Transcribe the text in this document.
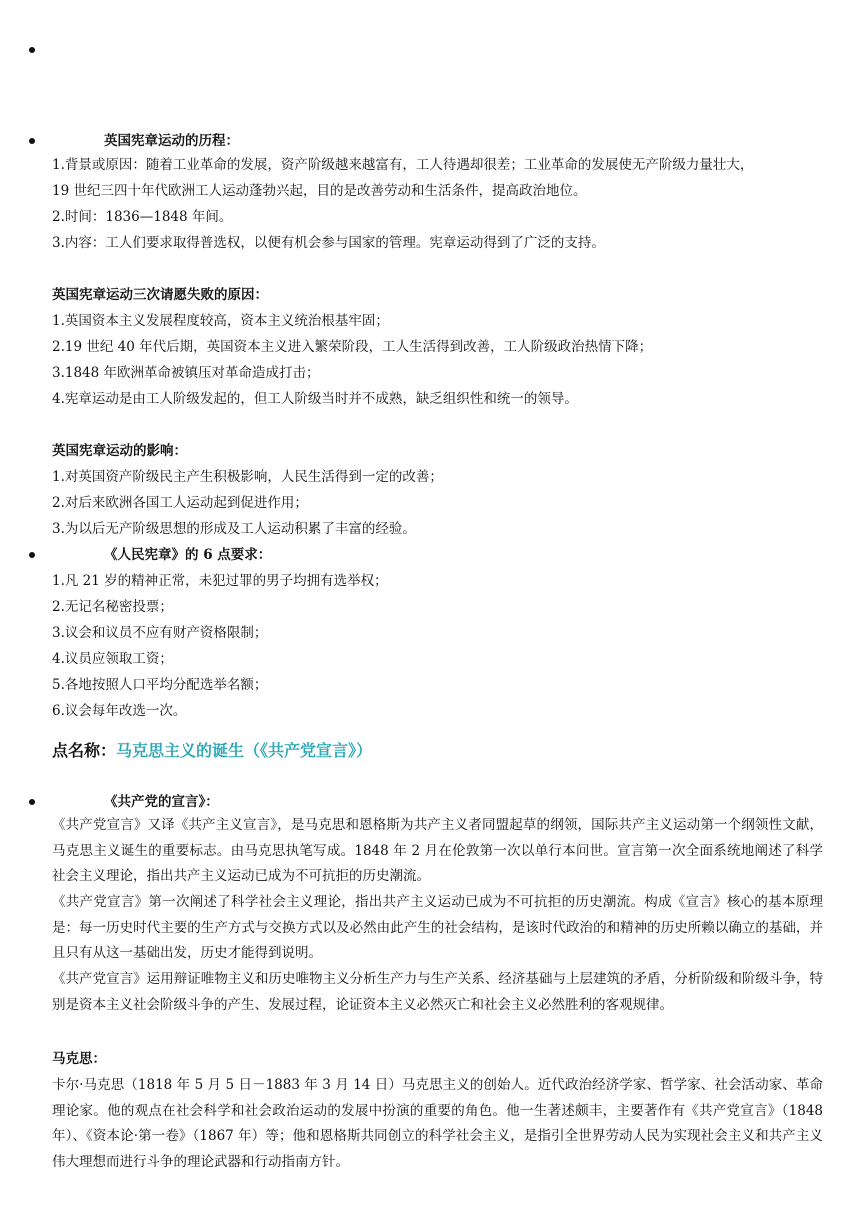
英国宪章运动的历程：
1.背景或原因：随着工业革命的发展，资产阶级越来越富有，工人待遇却很差；工业革命的发展使无产阶级力量壮大，
19 世纪三四十年代欧洲工人运动蓬勃兴起，目的是改善劳动和生活条件，提高政治地位。
2.时间：1836—1848 年间。
3.内容：工人们要求取得普选权，以便有机会参与国家的管理。宪章运动得到了广泛的支持。
英国宪章运动三次请愿失败的原因：
1.英国资本主义发展程度较高，资本主义统治根基牢固；
2.19 世纪 40 年代后期，英国资本主义进入繁荣阶段，工人生活得到改善，工人阶级政治热情下降；
3.1848 年欧洲革命被镇压对革命造成打击；
4.宪章运动是由工人阶级发起的，但工人阶级当时并不成熟，缺乏组织性和统一的领导。
英国宪章运动的影响：
1.对英国资产阶级民主产生积极影响，人民生活得到一定的改善；
2.对后来欧洲各国工人运动起到促进作用；
3.为以后无产阶级思想的形成及工人运动积累了丰富的经验。
《人民宪章》的 6 点要求：
1.凡 21 岁的精神正常，未犯过罪的男子均拥有选举权；
2.无记名秘密投票；
3.议会和议员不应有财产资格限制；
4.议员应领取工资；
5.各地按照人口平均分配选举名额；
6.议会每年改选一次。
点名称：马克思主义的诞生（《共产党宣言》）
《共产党的宣言》：
《共产党宣言》又译《共产主义宣言》，是马克思和恩格斯为共产主义者同盟起草的纲领，国际共产主义运动第一个纲领性文献，马克思主义诞生的重要标志。由马克思执笔写成。1848 年 2 月在伦敦第一次以单行本问世。宣言第一次全面系统地阐述了科学社会主义理论，指出共产主义运动已成为不可抗拒的历史潮流。
《共产党宣言》第一次阐述了科学社会主义理论，指出共产主义运动已成为不可抗拒的历史潮流。构成《宣言》核心的基本原理是：每一历史时代主要的生产方式与交换方式以及必然由此产生的社会结构，是该时代政治的和精神的历史所赖以确立的基础，并且只有从这一基础出发，历史才能得到说明。
《共产党宣言》运用辩证唯物主义和历史唯物主义分析生产力与生产关系、经济基础与上层建筑的矛盾，分析阶级和阶级斗争，特别是资本主义社会阶级斗争的产生、发展过程，论证资本主义必然灭亡和社会主义必然胜利的客观规律。
马克思：
卡尔·马克思（1818 年 5 月 5 日－1883 年 3 月 14 日）马克思主义的创始人。近代政治经济学家、哲学家、社会活动家、革命理论家。他的观点在社会科学和社会政治运动的发展中扮演的重要的角色。他一生著述颇丰，主要著作有《共产党宣言》（1848 年）、《资本论·第一卷》（1867 年）等；他和恩格斯共同创立的科学社会主义，是指引全世界劳动人民为实现社会主义和共产主义伟大理想而进行斗争的理论武器和行动指南方针。
